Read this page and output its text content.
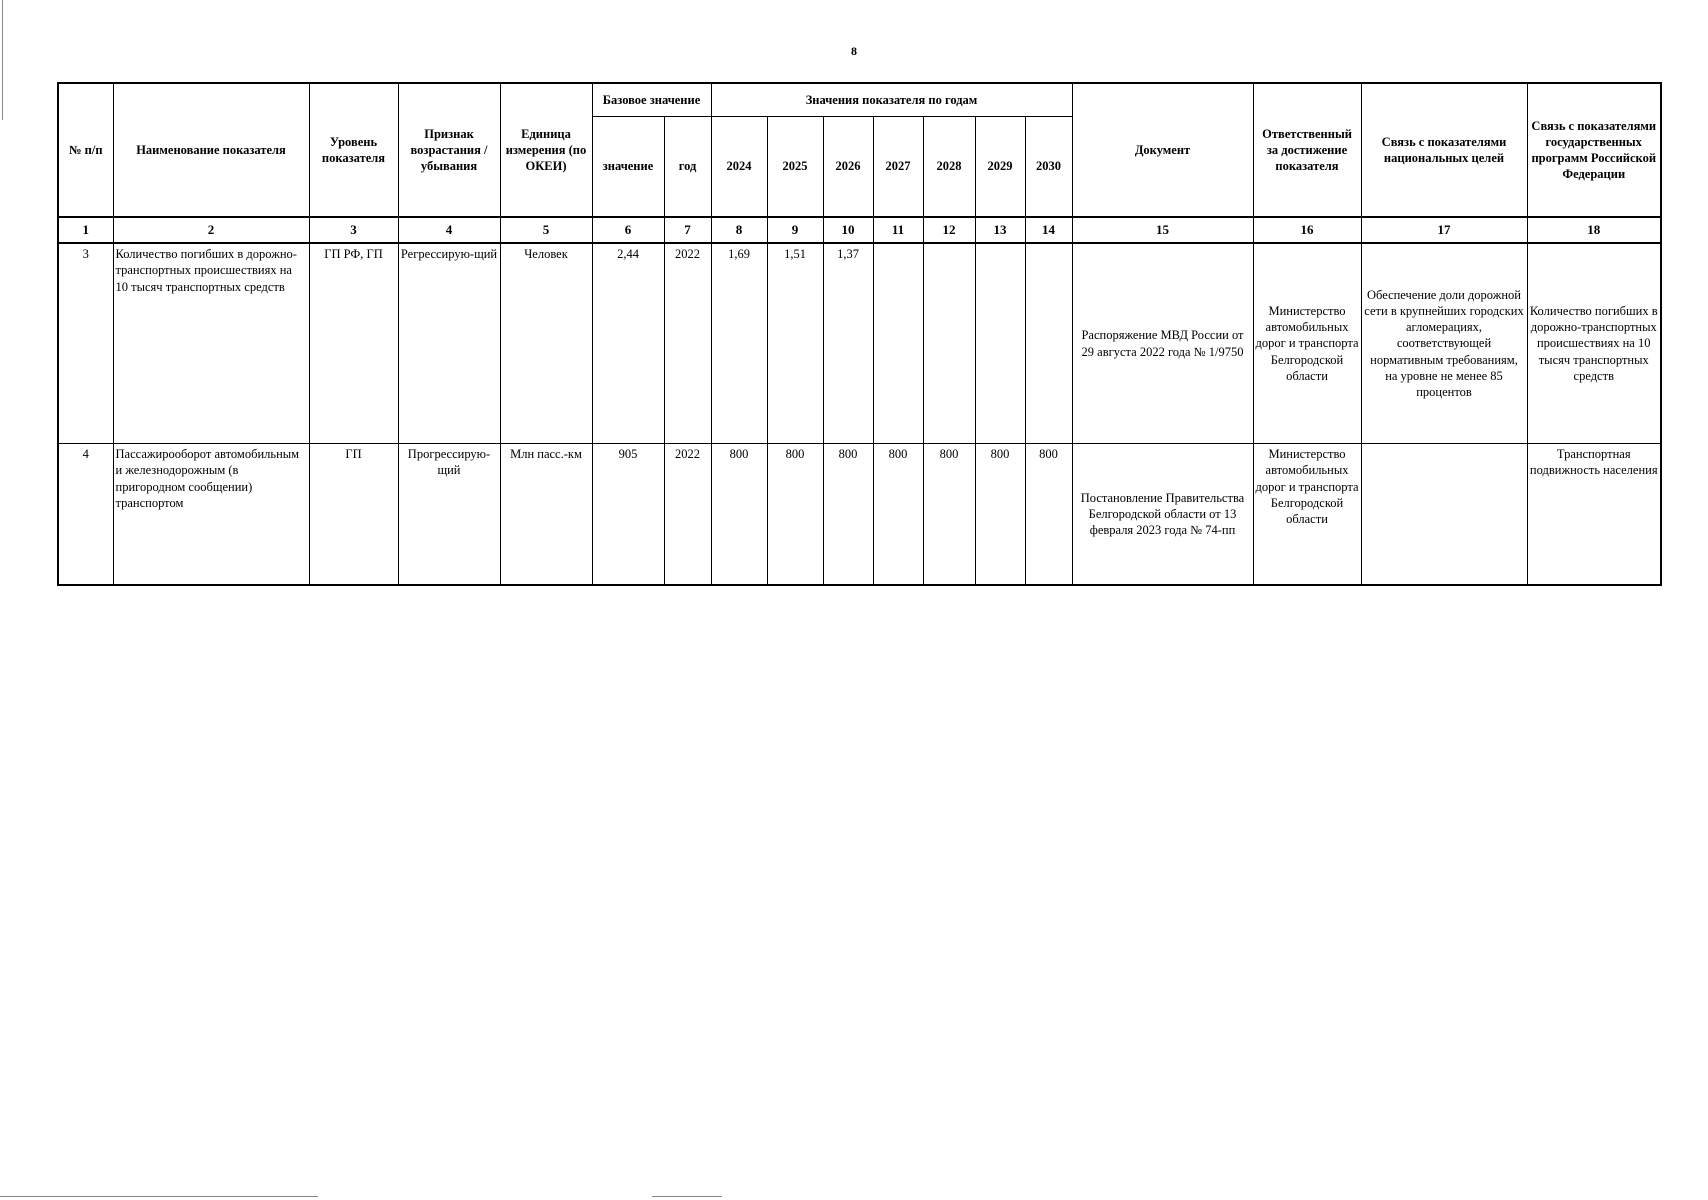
8
№ п/п	Наименование показателя	Уровень показателя	Признак возрастания / убывания	Единица измерения (по ОКЕИ)	Базовое значение		Значения показателя по годам							Документ	Ответственный за достижение показателя	Связь с показателями национальных целей	Связь с показателями государственных программ Российской Федерации
					значение	год	2024	2025	2026	2027	2028	2029	2030				
1	2	3	4	5	6	7	8	9	10	11	12	13	14	15	16	17	18
3	Количество погибших в дорожно-транспортных происшествиях на 10 тысяч транспортных средств	ГП РФ, ГП	Регрессирую-щий	Человек	2,44	2022	1,69	1,51	1,37					Распоряжение МВД России от 29 августа 2022 года № 1/9750	Министерство автомобильных дорог и транспорта Белгородской области	Обеспечение доли дорожной сети в крупнейших городских агломерациях, соответствующей нормативным требованиям, на уровне не менее 85 процентов	Количество погибших в дорожно-транспортных происшествиях на 10 тысяч транспортных средств
4	Пассажирооборот автомобильным и железнодорожным (в пригородном сообщении) транспортом	ГП	Прогрессирую-щий	Млн пасс.-км	905	2022	800	800	800	800	800	800	800	Постановление Правительства Белгородской области от 13 февраля 2023 года № 74-пп	Министерство автомобильных дорог и транспорта Белгородской области		Транспортная подвижность населения
